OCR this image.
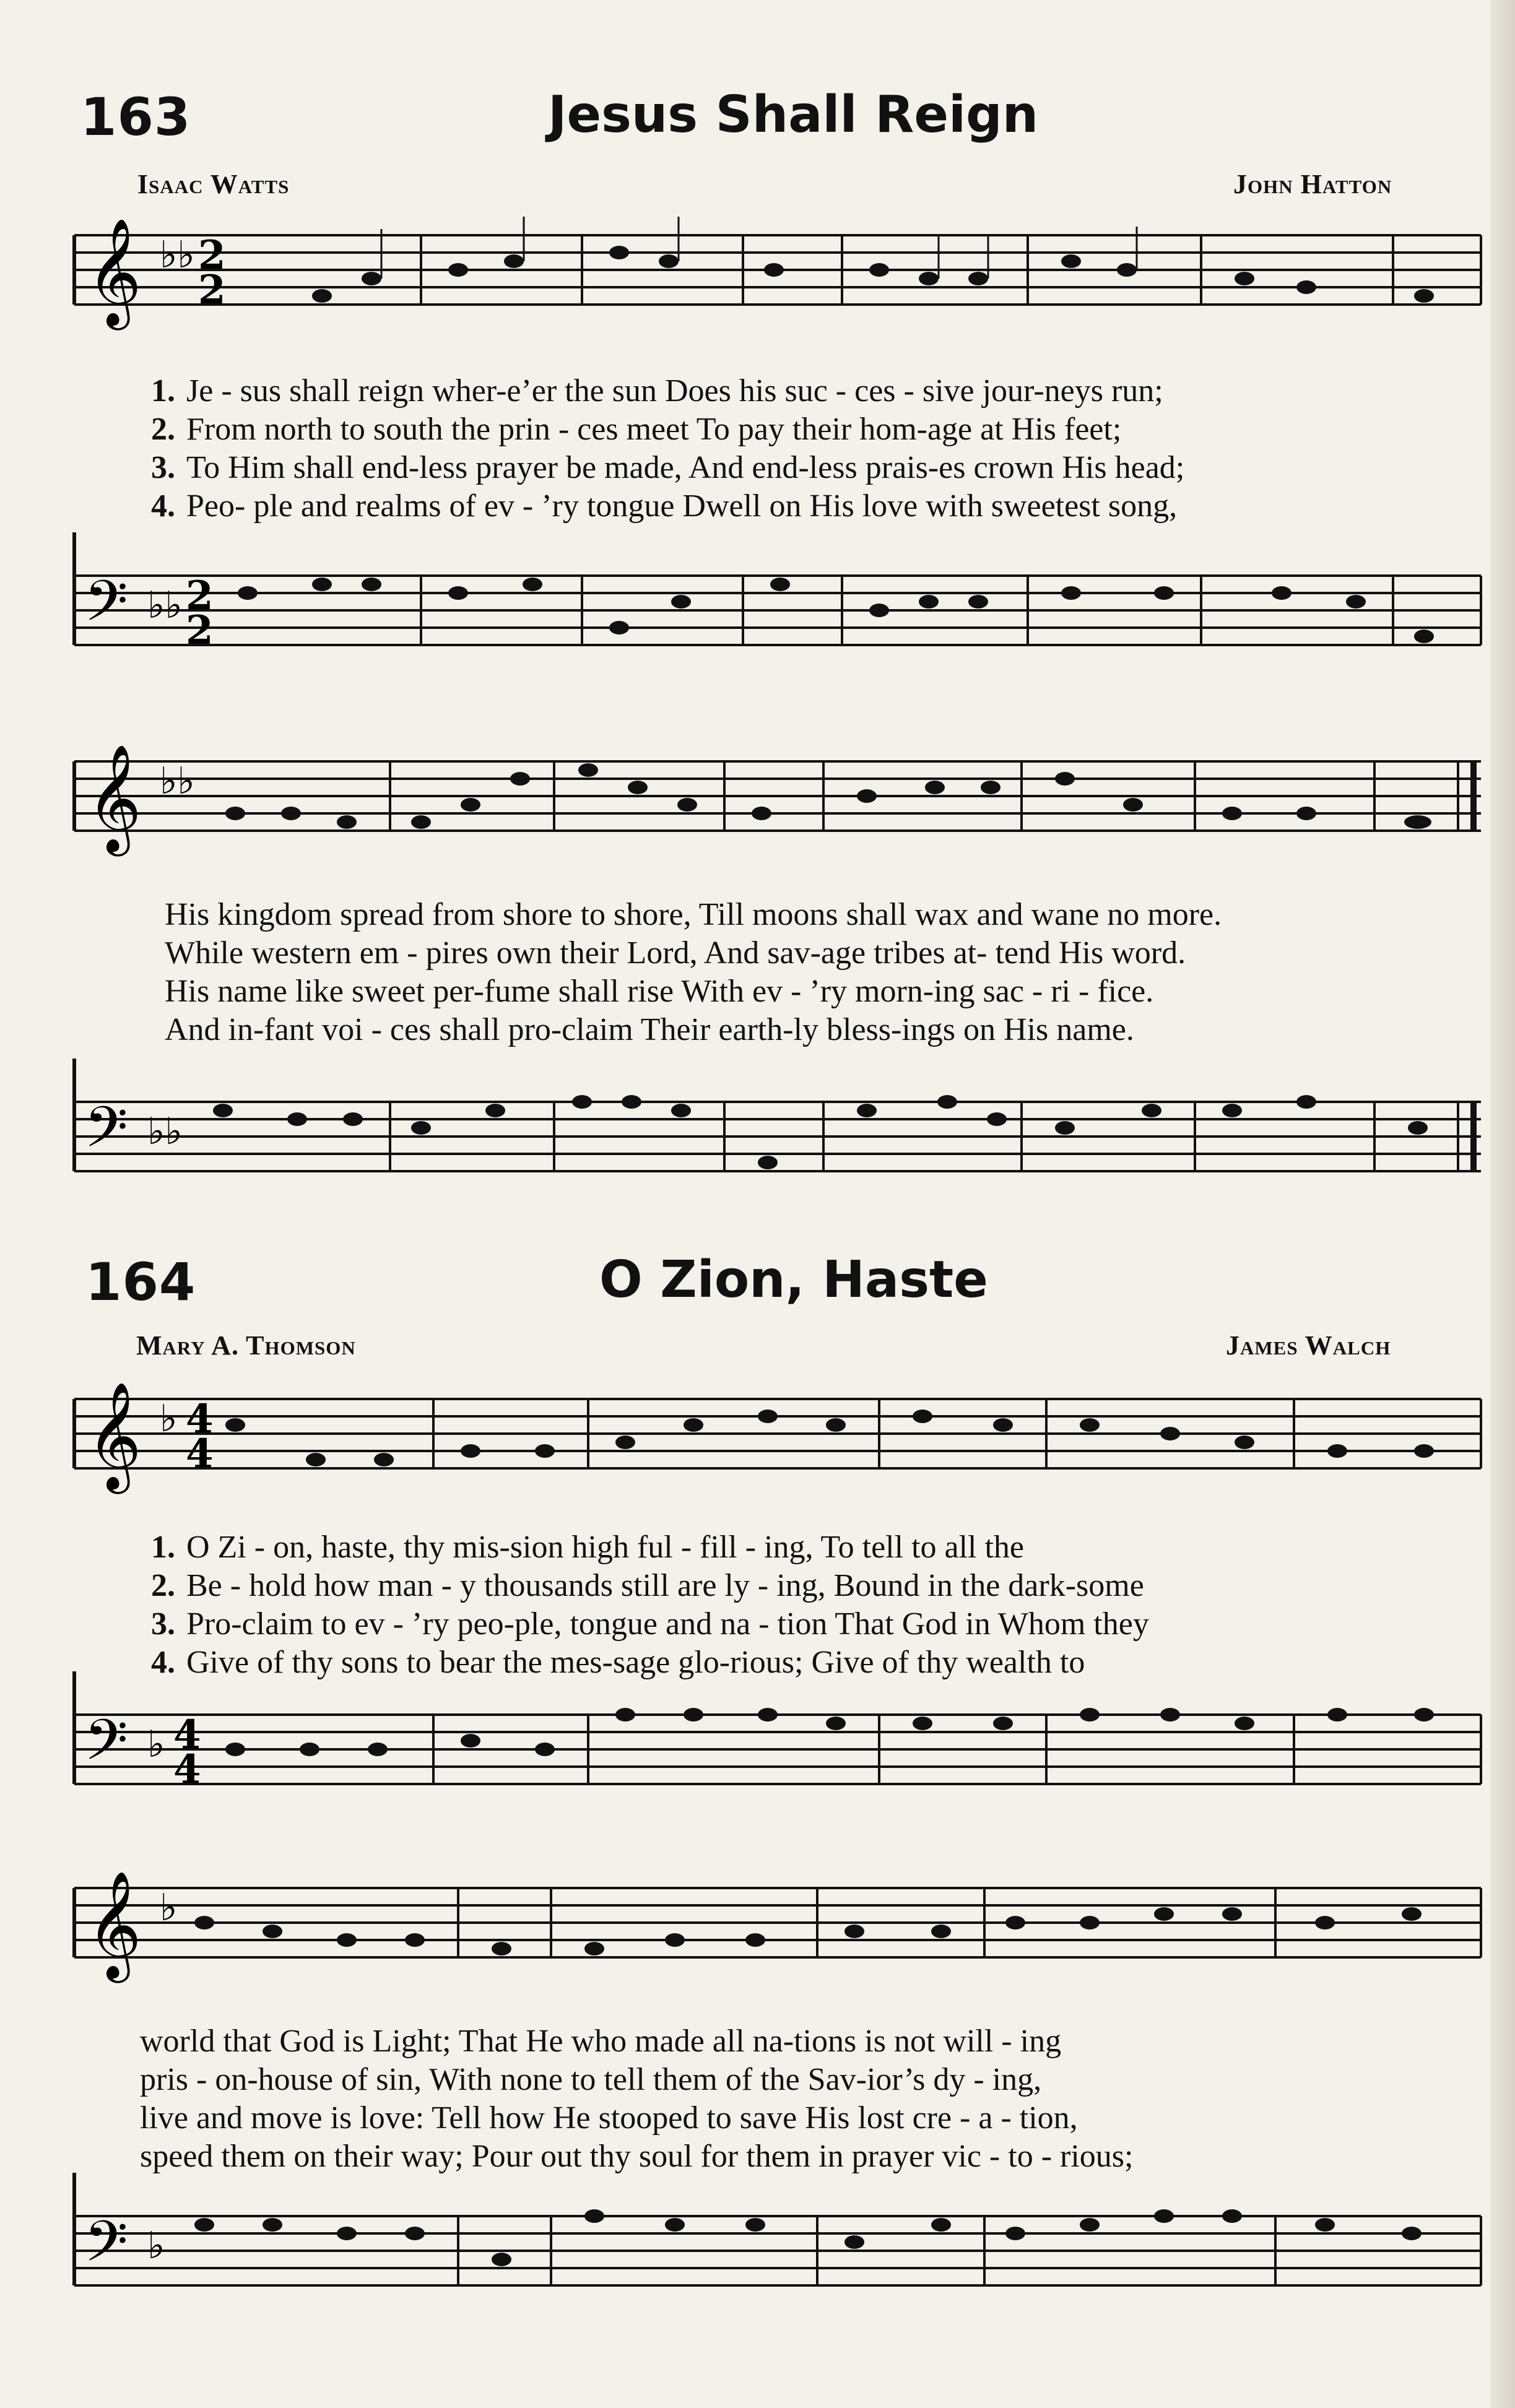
163	Jesus Shall Reign
Isaac Watts	John Hatton
𝄞 ♭♭ 2
2
1. Je - sus shall reign wher-e’er the sun Does his suc - ces - sive jour-neys run;
2. From north to south the prin - ces meet To pay their hom-age at His feet;
3. To Him shall end-less prayer be made, And end-less prais-es crown His head;
4. Peo- ple and realms of ev - ’ry tongue Dwell on His love with sweetest song,
𝄢 ♭♭ 2
2
𝄞 ♭♭
His kingdom spread from shore to shore, Till moons shall wax and wane no more.
While western em - pires own their Lord, And sav-age tribes at- tend His word.
His name like sweet per-fume shall rise With ev - ’ry morn-ing sac - ri - fice.
And in-fant voi - ces shall pro-claim Their earth-ly bless-ings on His name.
𝄢 ♭♭
164	O Zion, Haste
Mary A. Thomson	James Walch
𝄞 ♭ 4
4
1. O Zi - on, haste, thy mis-sion high ful - fill - ing, To tell to all the
2. Be - hold how man - y thousands still are ly - ing, Bound in the dark-some
3. Pro-claim to ev - ’ry peo-ple, tongue and na - tion That God in Whom they
4. Give of thy sons to bear the mes-sage glo-rious; Give of thy wealth to
𝄢 ♭ 4
4
𝄞 ♭
world that God is Light; That He who made all na-tions is not will - ing
pris - on-house of sin, With none to tell them of the Sav-ior’s dy - ing,
live and move is love: Tell how He stooped to save His lost cre - a - tion,
speed them on their way; Pour out thy soul for them in prayer vic - to - rious;
𝄢 ♭
